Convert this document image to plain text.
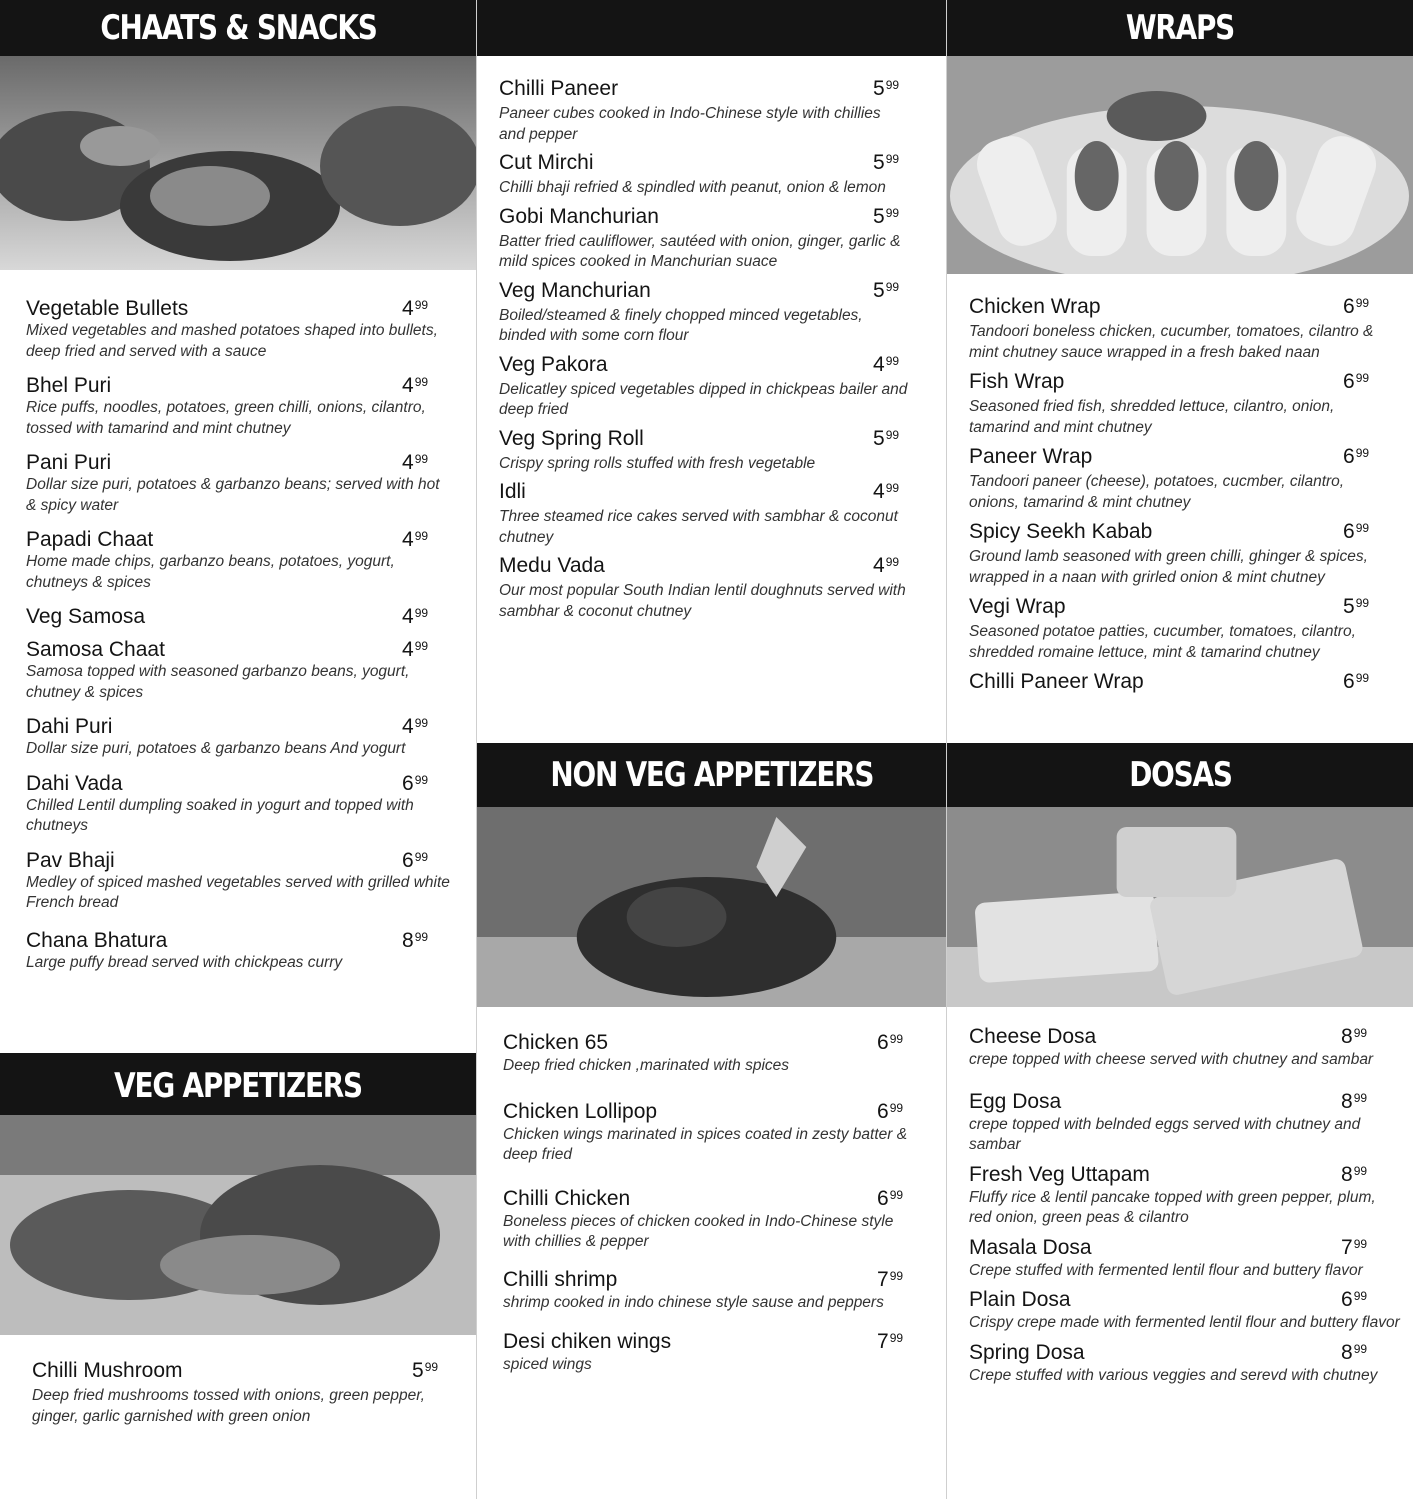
CHAATS & SNACKS
Vegetable Bullets	$4^{99}$
Mixed vegetables and mashed potatoes shaped into bullets, deep fried and served with a sauce
Bhel Puri	$4^{99}$
Rice puffs, noodles, potatoes, green chilli, onions, cilantro, tossed with tamarind and mint chutney
Pani Puri	$4^{99}$
Dollar size puri, potatoes & garbanzo beans; served with hot & spicy water
Papadi Chaat	$4^{99}$
Home made chips, garbanzo beans, potatoes, yogurt, chutneys & spices
Veg Samosa	$4^{99}$
Samosa Chaat	$4^{99}$
Samosa topped with seasoned garbanzo beans, yogurt, chutney & spices
Dahi Puri	$4^{99}$
Dollar size puri, potatoes & garbanzo beans And yogurt
Dahi Vada	$6^{99}$
Chilled Lentil dumpling soaked in yogurt and topped with chutneys
Pav Bhaji	$6^{99}$
Medley of spiced mashed vegetables served with grilled white French bread
Chana Bhatura	$8^{99}$
Large puffy bread served with chickpeas curry
VEG APPETIZERS
Chilli Mushroom	$5^{99}$
Deep fried mushrooms tossed with onions, green pepper, ginger, garlic garnished with green onion
Chilli Paneer	$5^{99}$
Paneer cubes cooked in Indo-Chinese style with chillies and pepper
Cut Mirchi	$5^{99}$
Chilli bhaji refried & spindled with peanut, onion & lemon
Gobi Manchurian	$5^{99}$
Batter fried cauliflower, sautéed with onion, ginger, garlic & mild spices cooked in Manchurian suace
Veg Manchurian	$5^{99}$
Boiled/steamed & finely chopped minced vegetables, binded with some corn flour
Veg Pakora	$4^{99}$
Delicatley spiced vegetables dipped in chickpeas bailer and deep fried
Veg Spring Roll	$5^{99}$
Crispy spring rolls stuffed with fresh vegetable
Idli	$4^{99}$
Three steamed rice cakes served with sambhar & coconut chutney
Medu Vada	$4^{99}$
Our most popular South Indian lentil doughnuts served with sambhar & coconut chutney
NON VEG APPETIZERS
Chicken 65	$6^{99}$
Deep fried chicken ,marinated with spices
Chicken Lollipop	$6^{99}$
Chicken wings marinated in spices coated in zesty batter & deep fried
Chilli Chicken	$6^{99}$
Boneless pieces of chicken cooked in Indo-Chinese style with chillies & pepper
Chilli shrimp	$7^{99}$
shrimp cooked in indo chinese style sause and peppers
Desi chiken wings	$7^{99}$
spiced wings
WRAPS
Chicken Wrap	$6^{99}$
Tandoori boneless chicken, cucumber, tomatoes, cilantro & mint chutney sauce wrapped in a fresh baked naan
Fish Wrap	$6^{99}$
Seasoned fried fish, shredded lettuce, cilantro, onion, tamarind and mint chutney
Paneer Wrap	$6^{99}$
Tandoori paneer (cheese), potatoes, cucmber, cilantro, onions, tamarind & mint chutney
Spicy Seekh Kabab	$6^{99}$
Ground lamb seasoned with green chilli, ghinger & spices, wrapped in a naan with grirled onion & mint chutney
Vegi Wrap	$5^{99}$
Seasoned potatoe patties, cucumber, tomatoes, cilantro, shredded romaine lettuce, mint & tamarind chutney
Chilli Paneer Wrap	$6^{99}$
DOSAS
Cheese Dosa	$8^{99}$
crepe topped with cheese served with chutney and sambar
Egg Dosa	$8^{99}$
crepe topped with belnded eggs served with chutney and sambar
Fresh Veg Uttapam	$8^{99}$
Fluffy rice & lentil pancake topped with green pepper, plum, red onion, green peas & cilantro
Masala Dosa	$7^{99}$
Crepe stuffed with fermented lentil flour and buttery flavor
Plain Dosa	$6^{99}$
Crispy crepe made with fermented lentil flour and buttery flavor
Spring Dosa	$8^{99}$
Crepe stuffed with various veggies and serevd with chutney
